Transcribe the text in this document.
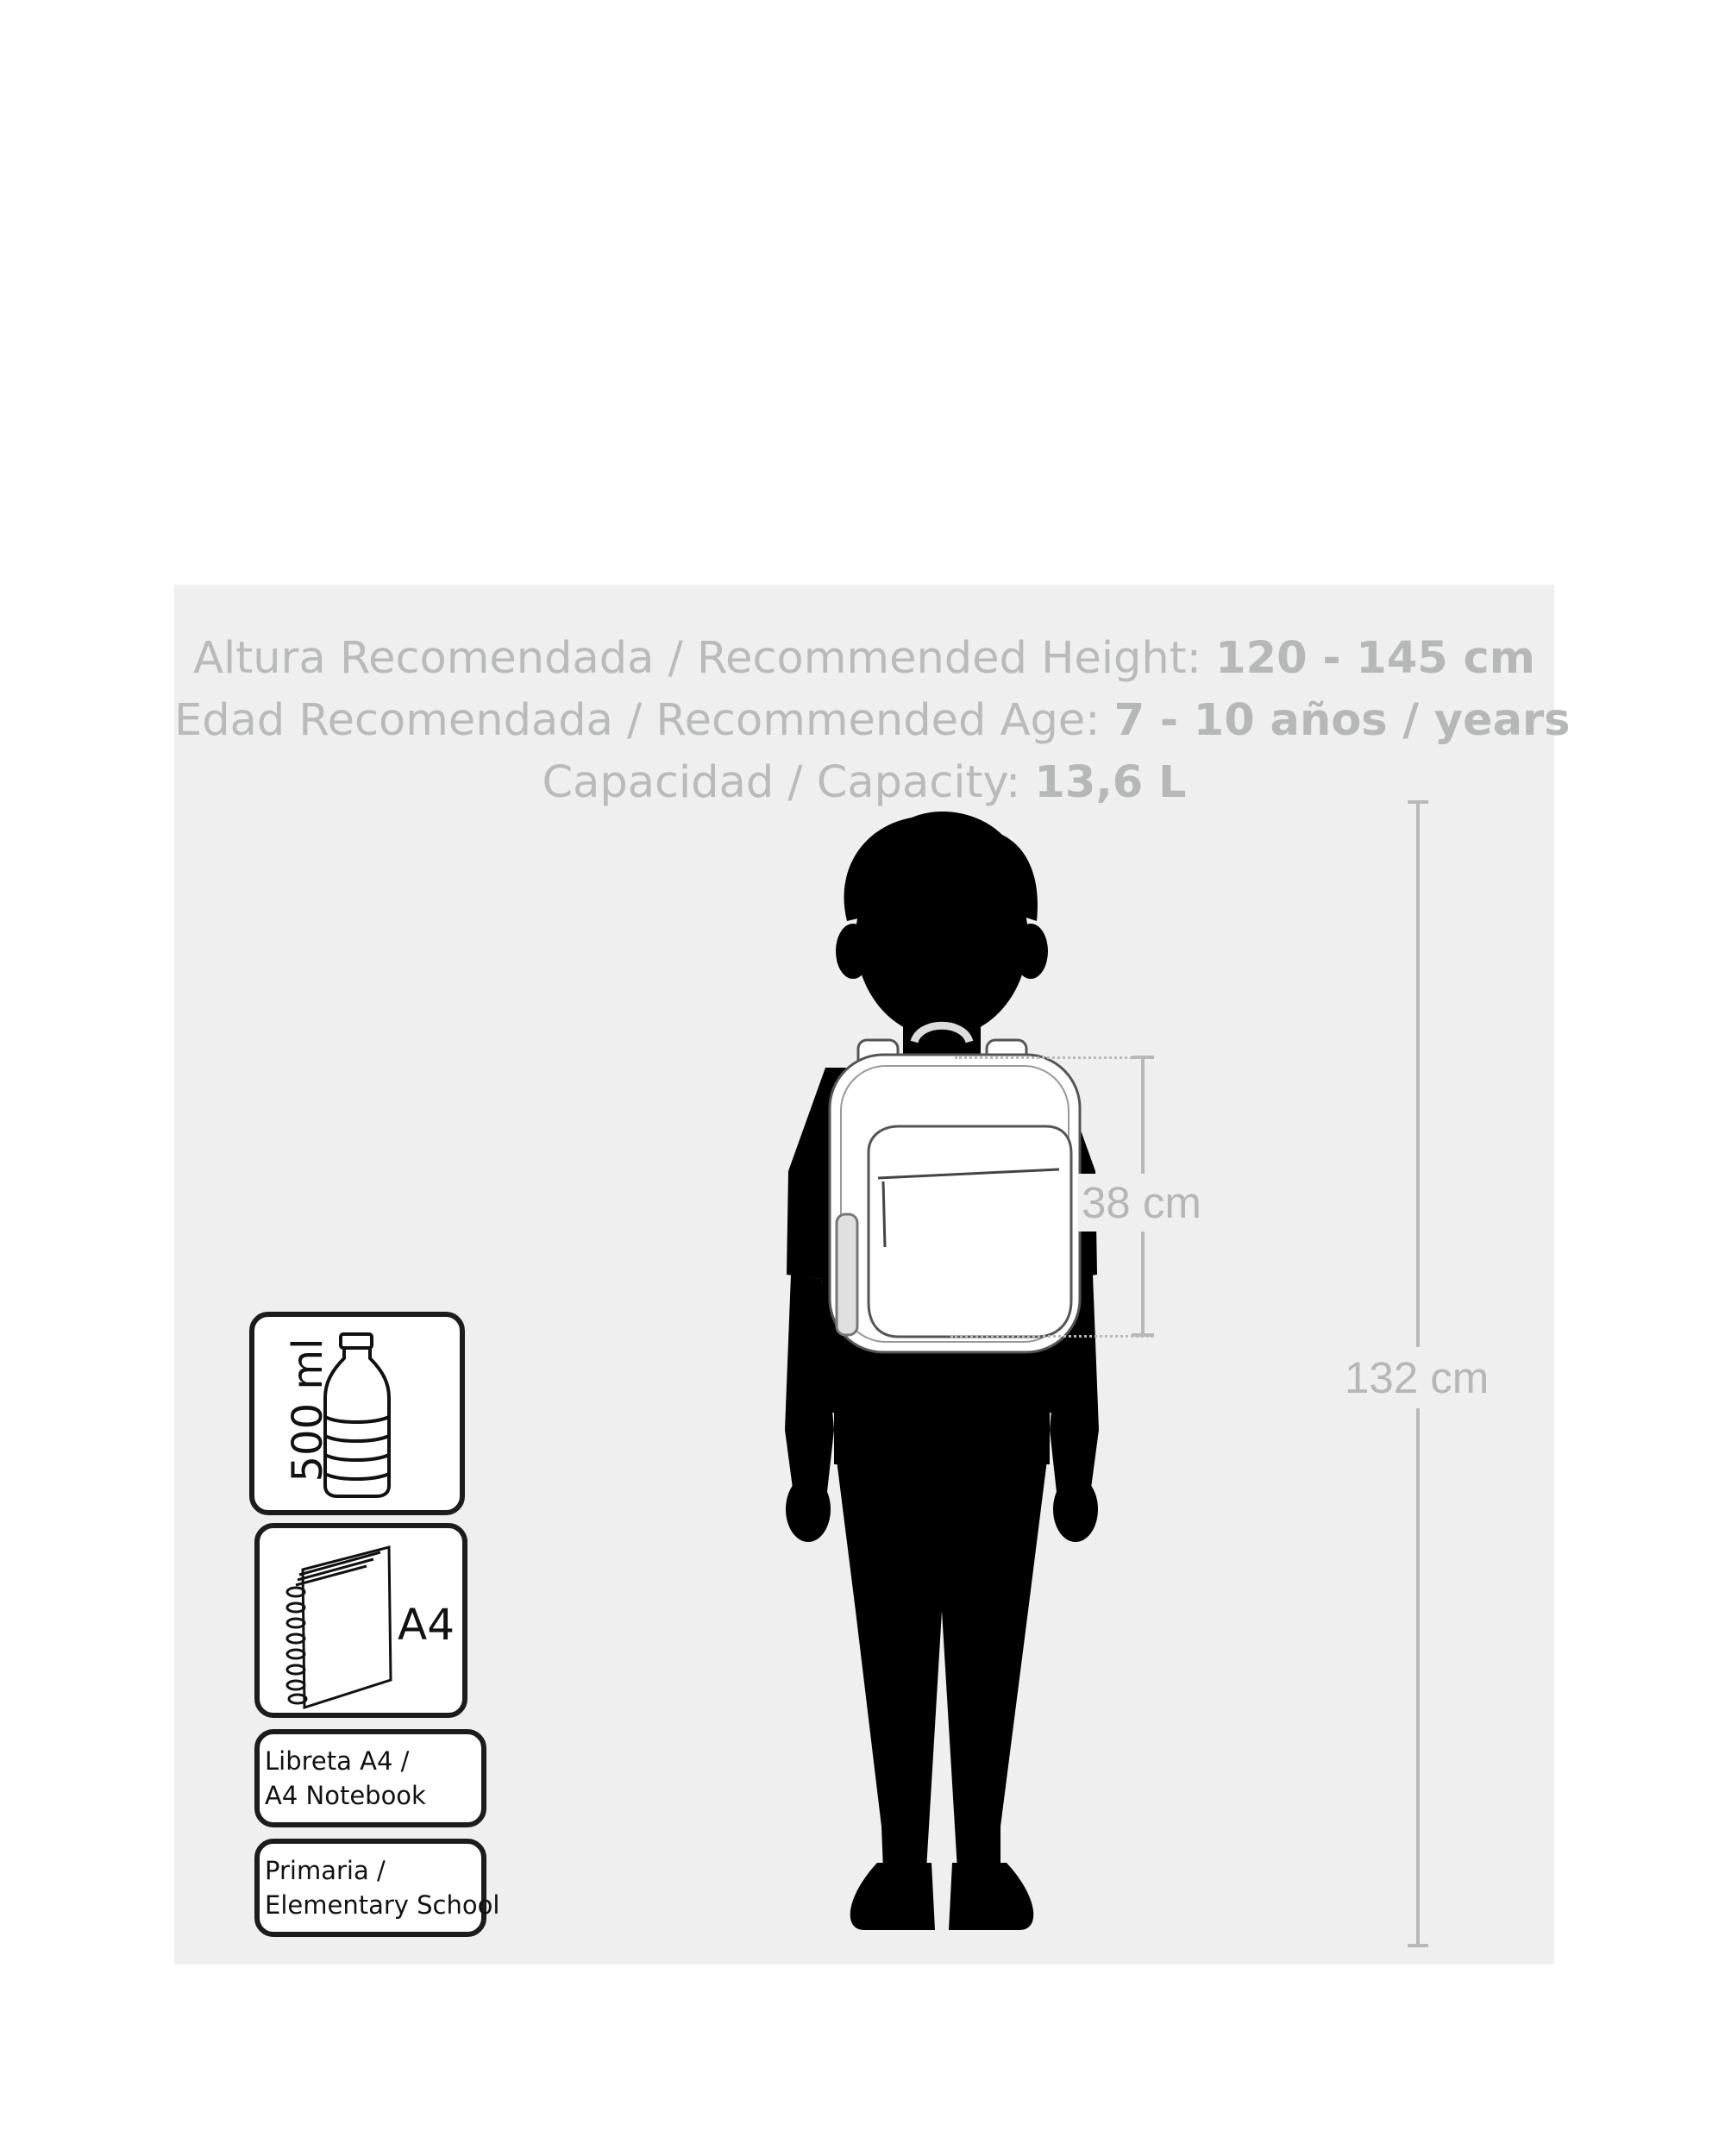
Altura Recomendada / Recommended Height: 120 - 145 cm
Edad Recomendada / Recommended Age: 7 - 10 años / years
Capacidad / Capacity: 13,6 L
38 cm
132 cm
500 ml
A4
Libreta A4 /
A4 Notebook
Primaria /
Elementary School
